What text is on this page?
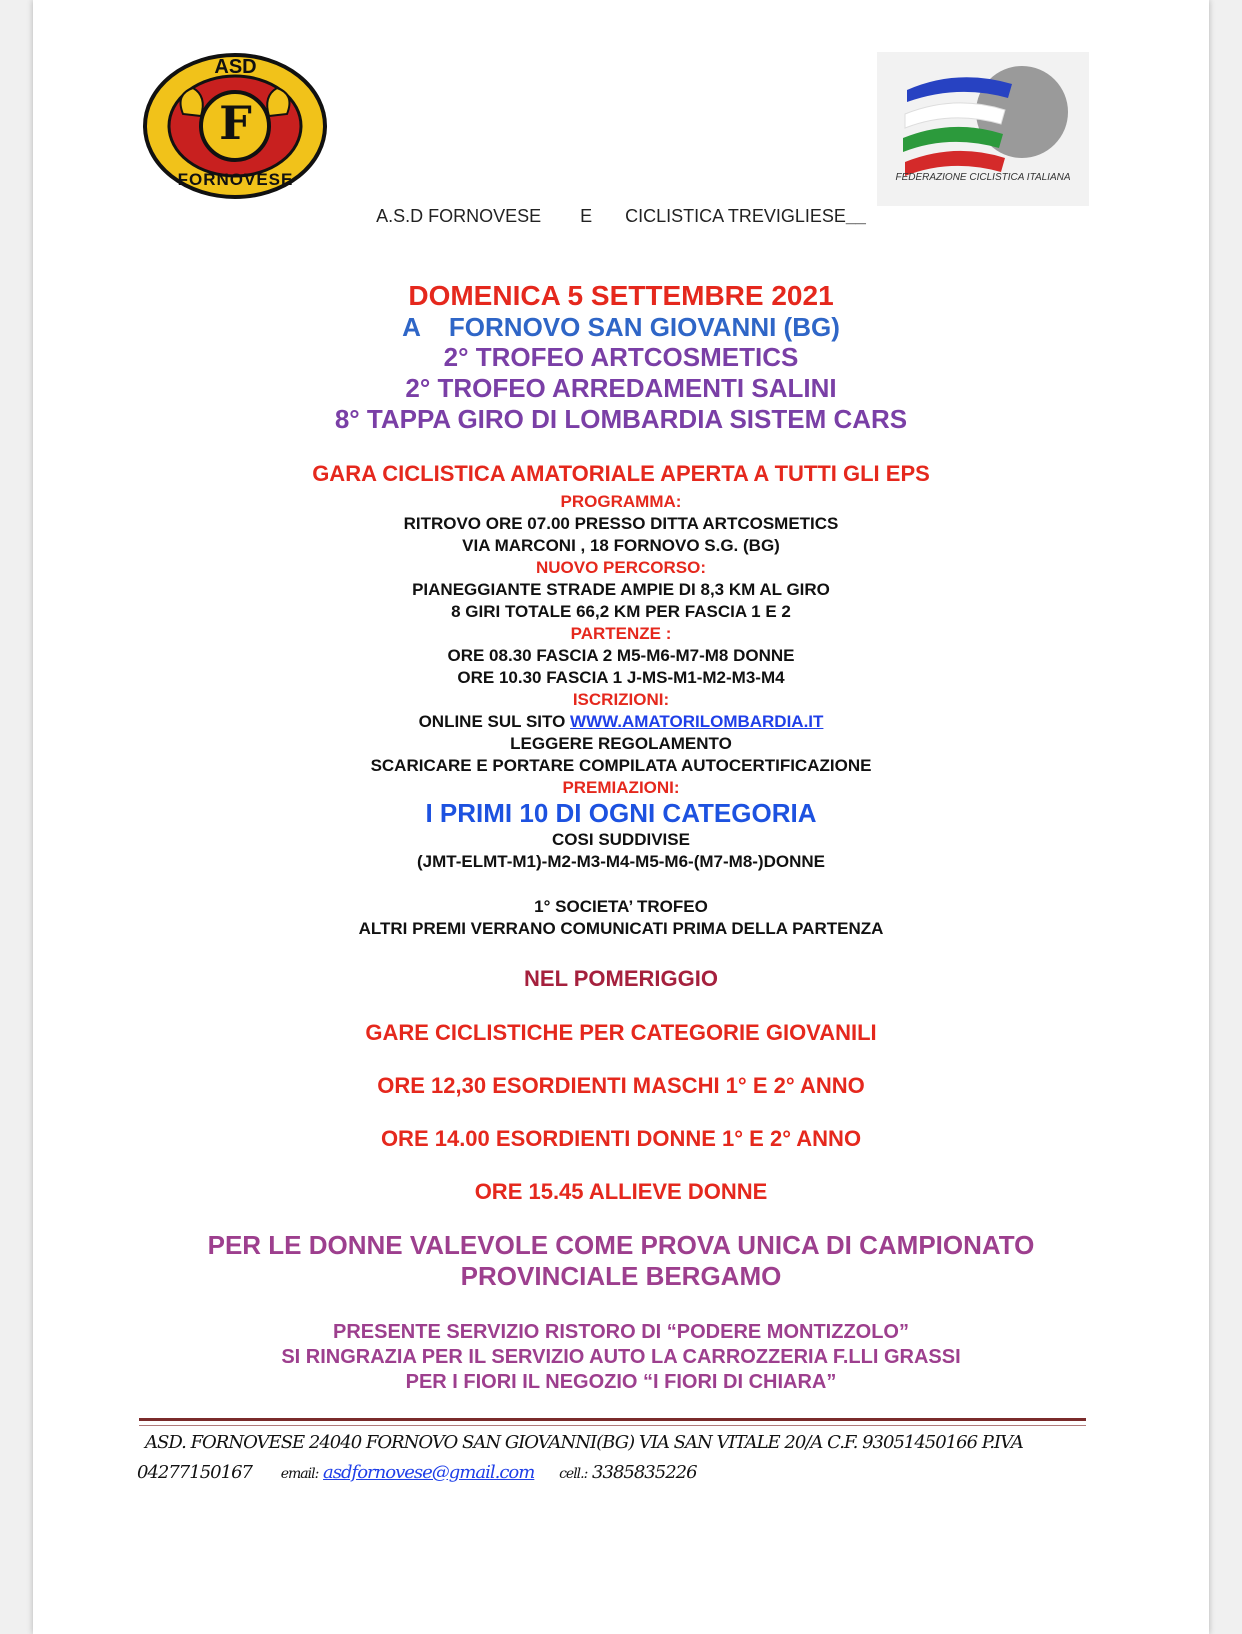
ASD
F
FORNOVESE	FEDERAZIONE CICLISTICA ITALIANA
A.S.D FORNOVESE E CICLISTICA TREVIGLIESE__
DOMENICA 5 SETTEMBRE 2021
A FORNOVO SAN GIOVANNI (BG)
2° TROFEO ARTCOSMETICS
2° TROFEO ARREDAMENTI SALINI
8° TAPPA GIRO DI LOMBARDIA SISTEM CARS
GARA CICLISTICA AMATORIALE APERTA A TUTTI GLI EPS
PROGRAMMA:
RITROVO ORE 07.00 PRESSO DITTA ARTCOSMETICS
VIA MARCONI , 18 FORNOVO S.G. (BG)
NUOVO PERCORSO:
PIANEGGIANTE STRADE AMPIE DI 8,3 KM AL GIRO
8 GIRI TOTALE 66,2 KM PER FASCIA 1 E 2
PARTENZE :
ORE 08.30 FASCIA 2 M5-M6-M7-M8 DONNE
ORE 10.30 FASCIA 1 J-MS-M1-M2-M3-M4
ISCRIZIONI:
ONLINE SUL SITO WWW.AMATORILOMBARDIA.IT
LEGGERE REGOLAMENTO
SCARICARE E PORTARE COMPILATA AUTOCERTIFICAZIONE
PREMIAZIONI:
I PRIMI 10 DI OGNI CATEGORIA
COSI SUDDIVISE
(JMT-ELMT-M1)-M2-M3-M4-M5-M6-(M7-M8-)DONNE
1° SOCIETA’ TROFEO
ALTRI PREMI VERRANO COMUNICATI PRIMA DELLA PARTENZA
NEL POMERIGGIO
GARE CICLISTICHE PER CATEGORIE GIOVANILI
ORE 12,30 ESORDIENTI MASCHI 1° E 2° ANNO
ORE 14.00 ESORDIENTI DONNE 1° E 2° ANNO
ORE 15.45 ALLIEVE DONNE
PER LE DONNE VALEVOLE COME PROVA UNICA DI CAMPIONATO
PROVINCIALE BERGAMO
PRESENTE SERVIZIO RISTORO DI “PODERE MONTIZZOLO”
SI RINGRAZIA PER IL SERVIZIO AUTO LA CARROZZERIA F.LLI GRASSI
PER I FIORI IL NEGOZIO “I FIORI DI CHIARA”
ASD. FORNOVESE 24040 FORNOVO SAN GIOVANNI(BG) VIA SAN VITALE 20/A C.F. 93051450166 P.IVA
04277150167 email: asdfornovese@gmail.com cell.: 3385835226
